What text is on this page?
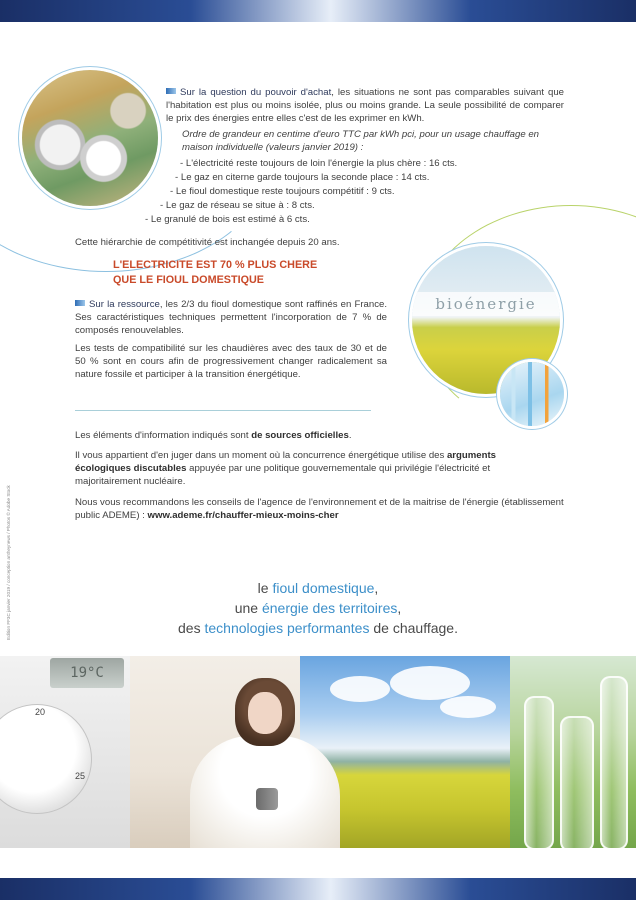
Sur la question du pouvoir d'achat, les situations ne sont pas comparables suivant que l'habitation est plus ou moins isolée, plus ou moins grande. La seule possibilité de comparer le prix des énergies entre elles c'est de les exprimer en kWh.
Ordre de grandeur en centime d'euro TTC par kWh pci, pour un usage chauffage en maison individuelle (valeurs janvier 2019) :
- L'électricité reste toujours de loin l'énergie la plus chère : 16 cts.
- Le gaz en citerne garde toujours la seconde place : 14 cts.
- Le fioul domestique reste toujours compétitif : 9 cts.
- Le gaz de réseau se situe à : 8 cts.
- Le granulé de bois est estimé à 6 cts.
Cette hiérarchie de compétitivité est inchangée depuis 20 ans.
L'ELECTRICITE EST 70 % PLUS CHERE
QUE LE FIOUL DOMESTIQUE
bioénergie
Sur la ressource, les 2/3 du fioul domestique sont raffinés en France. Ses caractéristiques techniques permettent l'incorporation de 7 % de composés renouvelables.
Les tests de compatibilité sur les chaudières avec des taux de 30 et de 50 % sont en cours afin de progressivement changer radicalement sa nature fossile et participer à la transition énergétique.
Les éléments d'information indiqués sont de sources officielles.
Il vous appartient d'en juger dans un moment où la concurrence énergétique utilise des arguments écologiques discutables appuyée par une politique gouvernementale qui privilégie l'électricité et majoritairement nucléaire.
Nous vous recommandons les conseils de l'agence de l'environnement et de la maitrise de l'énergie (établissement public ADEME) : www.ademe.fr/chauffer-mieux-moins-cher
le fioul domestique,
une énergie des territoires,
des technologies performantes de chauffage.
Edition FF3C janvier 2019 / conception antheynews / Photos © Adobe Stock
19°C
20
25
